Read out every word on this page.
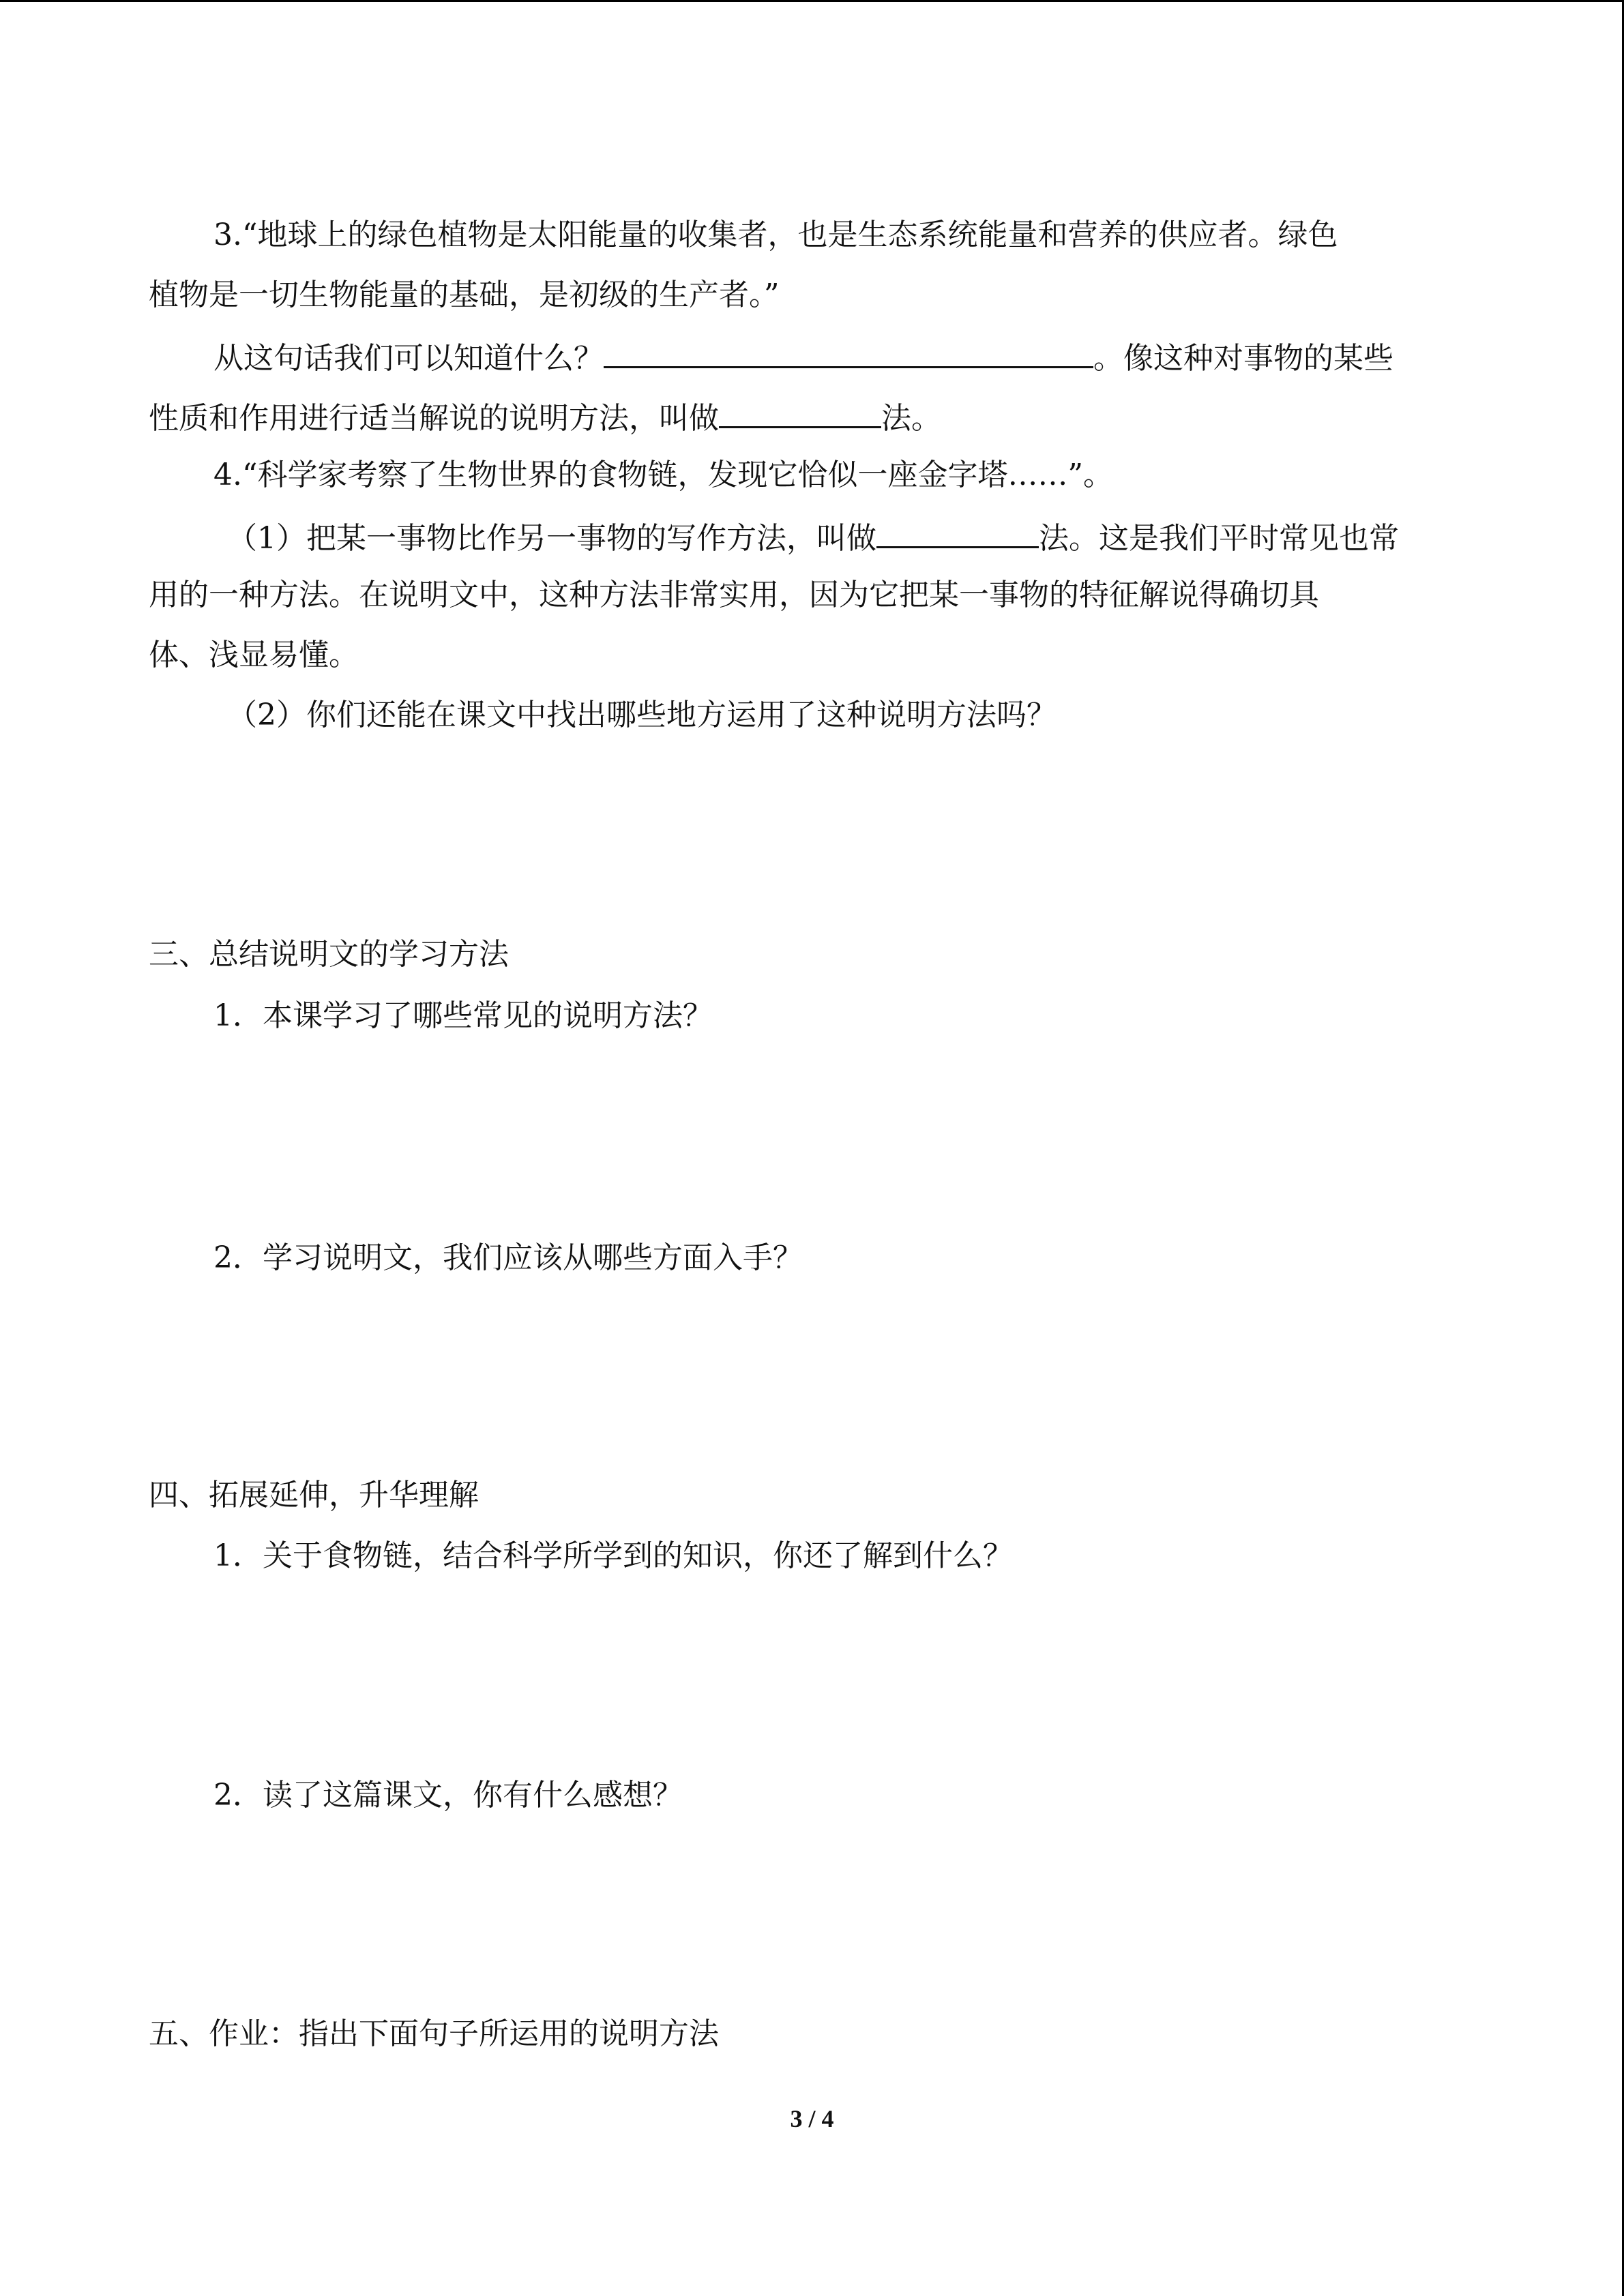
3.“地球上的绿色植物是太阳能量的收集者，也是生态系统能量和营养的供应者。绿色

植物是一切生物能量的基础，是初级的生产者。”

从这句话我们可以知道什么？	。像这种对事物的某些

性质和作用进行适当解说的说明方法，叫做	法。

4.“科学家考察了生物世界的食物链，发现它恰似一座金字塔……”。

（1）把某一事物比作另一事物的写作方法，叫做	法。这是我们平时常见也常

用的一种方法。在说明文中，这种方法非常实用，因为它把某一事物的特征解说得确切具

体、浅显易懂。

（2）你们还能在课文中找出哪些地方运用了这种说明方法吗？

三、总结说明文的学习方法

1．本课学习了哪些常见的说明方法？

2．学习说明文，我们应该从哪些方面入手？

四、拓展延伸，升华理解

1．关于食物链，结合科学所学到的知识，你还了解到什么？

2．读了这篇课文，你有什么感想？

五、作业：指出下面句子所运用的说明方法

3 / 4
